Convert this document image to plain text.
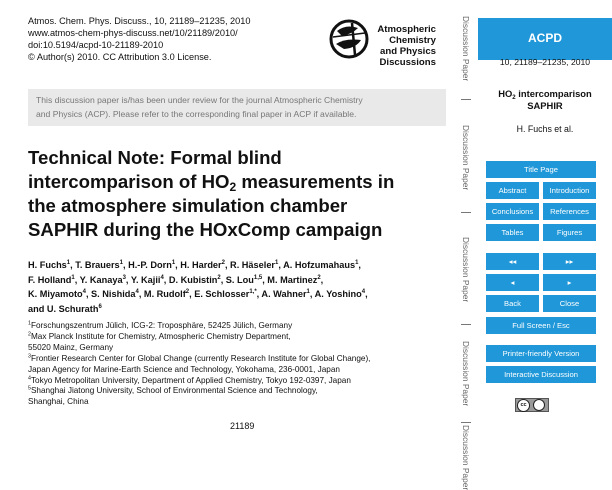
Atmos. Chem. Phys. Discuss., 10, 21189–21235, 2010
www.atmos-chem-phys-discuss.net/10/21189/2010/
doi:10.5194/acpd-10-21189-2010
© Author(s) 2010. CC Attribution 3.0 License.
Atmospheric
Chemistry
and Physics
Discussions
This discussion paper is/has been under review for the journal Atmospheric Chemistry
and Physics (ACP). Please refer to the corresponding final paper in ACP if available.
Technical Note: Formal blind
intercomparison of $HO_2$ measurements in
the atmosphere simulation chamber
SAPHIR during the HOxComp campaign
H. Fuchs$^1$, T. Brauers$^1$, H.-P. Dorn$^1$, H. Harder$^2$, R. Häseler$^1$, A. Hofzumahaus$^1$,
F. Holland$^1$, Y. Kanaya$^3$, Y. Kajii$^4$, D. Kubistin$^2$, S. Lou$^{1,5}$, M. Martinez$^2$,
K. Miyamoto$^4$, S. Nishida$^4$, M. Rudolf$^2$, E. Schlosser$^{1,*}$, A. Wahner$^1$, A. Yoshino$^4$,
and U. Schurath$^6$
$^1$Forschungszentrum Jülich, ICG-2: Troposphäre, 52425 Jülich, Germany
$^2$Max Planck Institute for Chemistry, Atmospheric Chemistry Department,
55020 Mainz, Germany
$^3$Frontier Research Center for Global Change (currently Research Institute for Global Change),
Japan Agency for Marine-Earth Science and Technology, Yokohama, 236-0001, Japan
$^4$Tokyo Metropolitan University, Department of Applied Chemistry, Tokyo 192-0397, Japan
$^5$Shanghai Jiatong University, School of Environmental Science and Technology,
Shanghai, China
21189
Discussion Paper
Discussion Paper
Discussion Paper
Discussion Paper
Discussion Paper
ACPD
10, 21189–21235, 2010
$HO_2$ intercomparison
SAPHIR
H. Fuchs et al.
Title Page
Abstract	Introduction
Conclusions	References
Tables	Figures
◂◂	▸▸
◂	▸
Back	Close
Full Screen / Esc
Printer-friendly Version
Interactive Discussion
cc
